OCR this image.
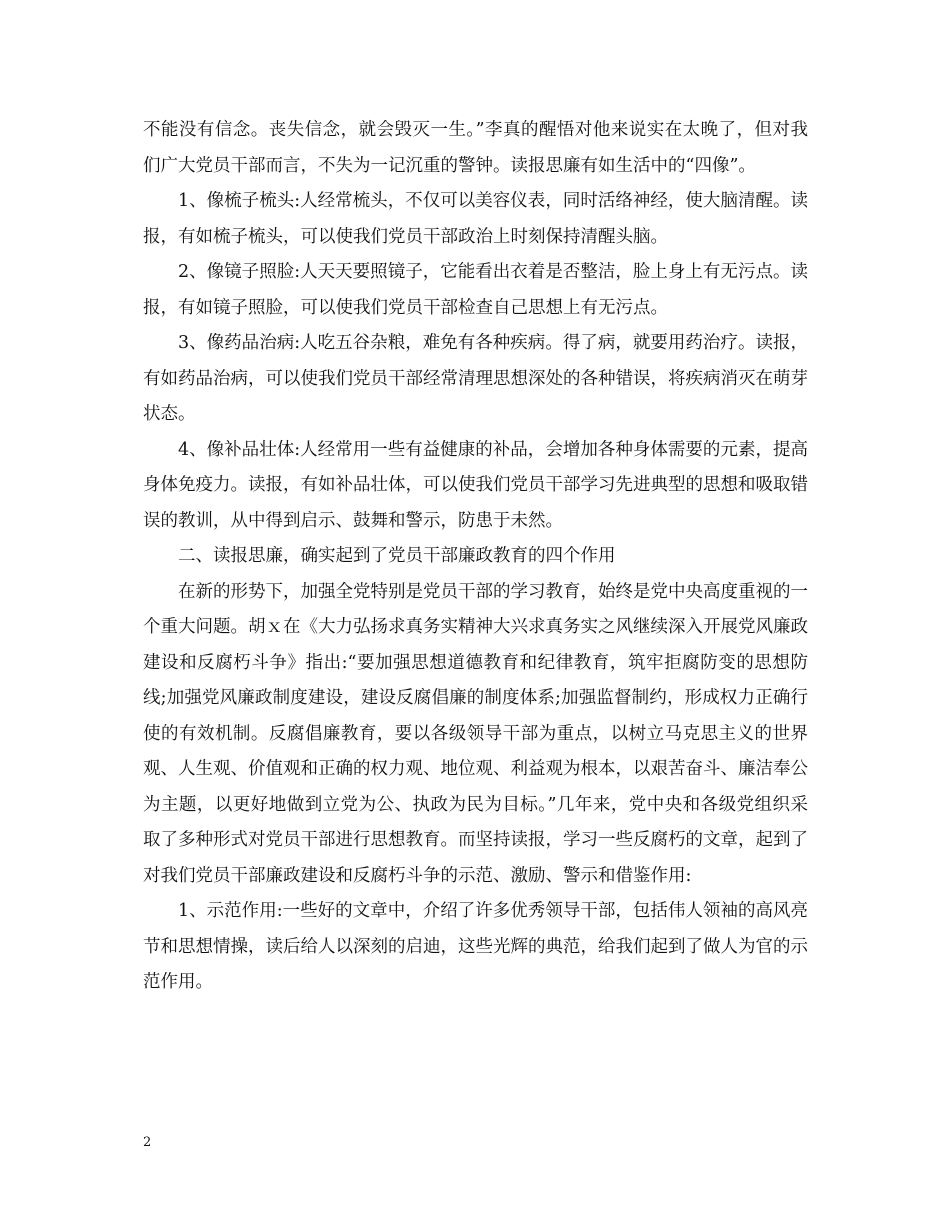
不能没有信念。丧失信念，就会毁灭一生。”李真的醒悟对他来说实在太晚了，但对我们广大党员干部而言，不失为一记沉重的警钟。读报思廉有如生活中的“四像”。

1、像梳子梳头:人经常梳头，不仅可以美容仪表，同时活络神经，使大脑清醒。读报，有如梳子梳头，可以使我们党员干部政治上时刻保持清醒头脑。

2、像镜子照脸:人天天要照镜子，它能看出衣着是否整洁，脸上身上有无污点。读报，有如镜子照脸，可以使我们党员干部检查自己思想上有无污点。

3、像药品治病:人吃五谷杂粮，难免有各种疾病。得了病，就要用药治疗。读报，有如药品治病，可以使我们党员干部经常清理思想深处的各种错误，将疾病消灭在萌芽状态。

4、像补品壮体:人经常用一些有益健康的补品，会增加各种身体需要的元素，提高身体免疫力。读报，有如补品壮体，可以使我们党员干部学习先进典型的思想和吸取错误的教训，从中得到启示、鼓舞和警示，防患于未然。

二、读报思廉，确实起到了党员干部廉政教育的四个作用

在新的形势下，加强全党特别是党员干部的学习教育，始终是党中央高度重视的一个重大问题。胡ｘ在《大力弘扬求真务实精神大兴求真务实之风继续深入开展党风廉政建设和反腐朽斗争》指出:“要加强思想道德教育和纪律教育，筑牢拒腐防变的思想防线;加强党风廉政制度建设，建设反腐倡廉的制度体系;加强监督制约，形成权力正确行使的有效机制。反腐倡廉教育，要以各级领导干部为重点，以树立马克思主义的世界观、人生观、价值观和正确的权力观、地位观、利益观为根本，以艰苦奋斗、廉洁奉公为主题，以更好地做到立党为公、执政为民为目标。”几年来，党中央和各级党组织采取了多种形式对党员干部进行思想教育。而坚持读报，学习一些反腐朽的文章，起到了对我们党员干部廉政建设和反腐朽斗争的示范、激励、警示和借鉴作用:

1、示范作用:一些好的文章中，介绍了许多优秀领导干部，包括伟人领袖的高风亮节和思想情操，读后给人以深刻的启迪，这些光辉的典范，给我们起到了做人为官的示范作用。

2
